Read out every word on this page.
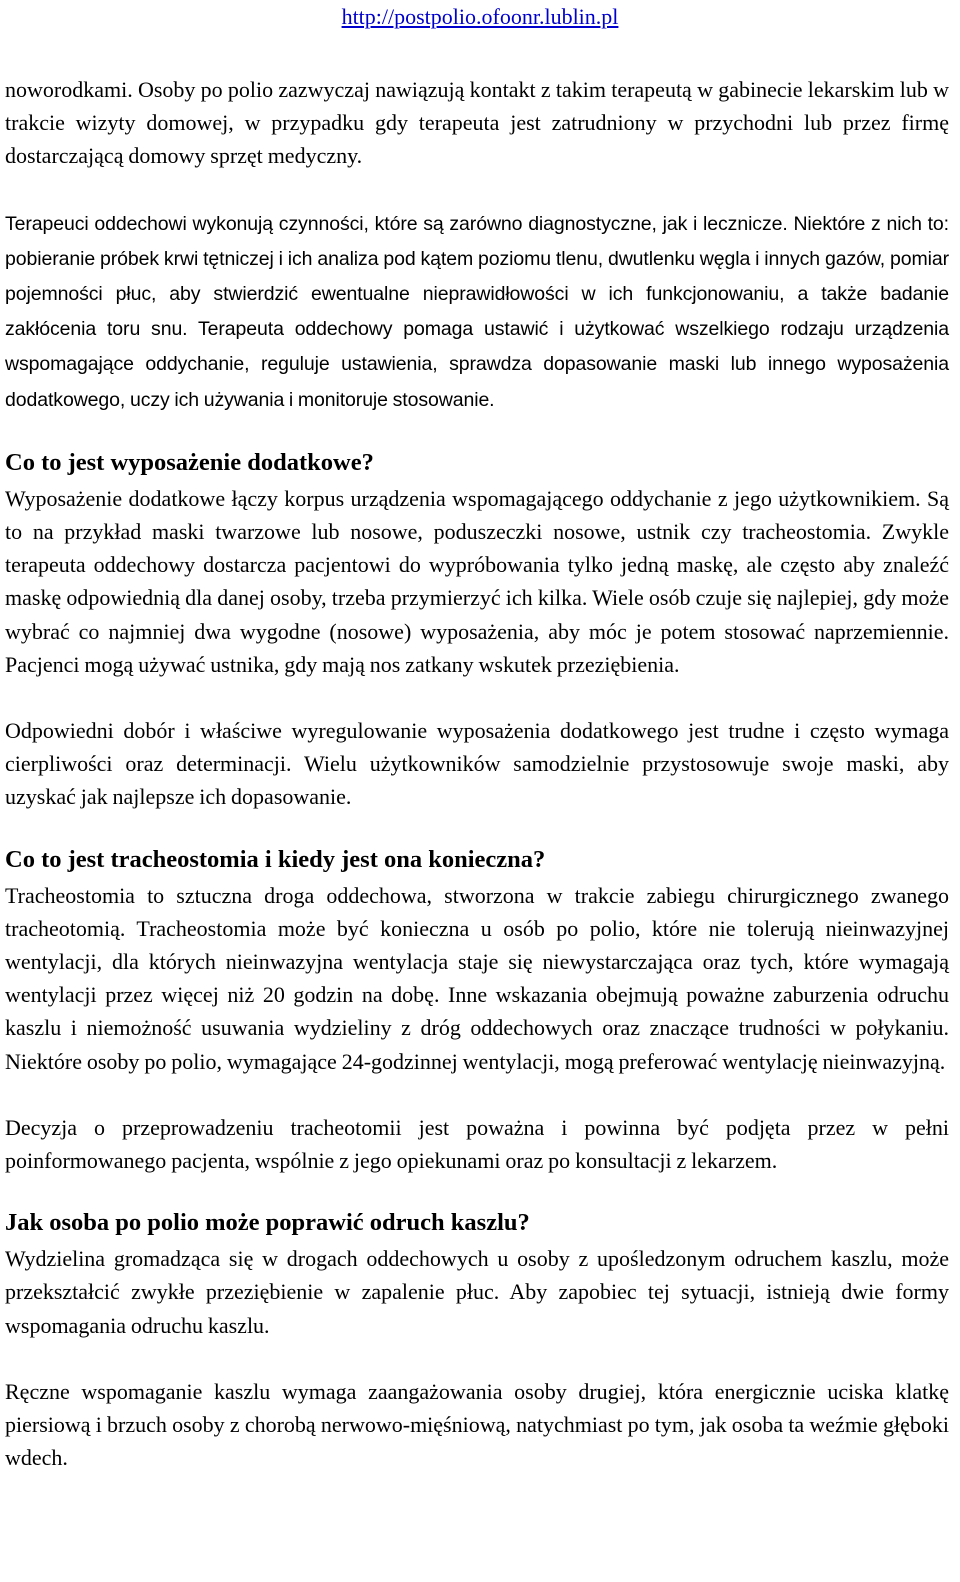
http://postpolio.ofoonr.lublin.pl

noworodkami. Osoby po polio zazwyczaj nawiązują kontakt z takim terapeutą w gabinecie lekarskim lub w trakcie wizyty domowej, w przypadku gdy terapeuta jest zatrudniony w przychodni lub przez firmę dostarczającą domowy sprzęt medyczny.

Terapeuci oddechowi wykonują czynności, które są zarówno diagnostyczne, jak i lecznicze. Niektóre z nich to: pobieranie próbek krwi tętniczej i ich analiza pod kątem poziomu tlenu, dwutlenku węgla i innych gazów, pomiar pojemności płuc, aby stwierdzić ewentualne nieprawidłowości w ich funkcjonowaniu, a także badanie zakłócenia toru snu. Terapeuta oddechowy pomaga ustawić i użytkować wszelkiego rodzaju urządzenia wspomagające oddychanie, reguluje ustawienia, sprawdza dopasowanie maski lub innego wyposażenia dodatkowego, uczy ich używania i monitoruje stosowanie.

Co to jest wyposażenie dodatkowe?

Wyposażenie dodatkowe łączy korpus urządzenia wspomagającego oddychanie z jego użytkownikiem. Są to na przykład maski twarzowe lub nosowe, poduszeczki nosowe, ustnik czy tracheostomia. Zwykle terapeuta oddechowy dostarcza pacjentowi do wypróbowania tylko jedną maskę, ale często aby znaleźć maskę odpowiednią dla danej osoby, trzeba przymierzyć ich kilka. Wiele osób czuje się najlepiej, gdy może wybrać co najmniej dwa wygodne (nosowe) wyposażenia, aby móc je potem stosować naprzemiennie. Pacjenci mogą używać ustnika, gdy mają nos zatkany wskutek przeziębienia.

Odpowiedni dobór i właściwe wyregulowanie wyposażenia dodatkowego jest trudne i często wymaga cierpliwości oraz determinacji. Wielu użytkowników samodzielnie przystosowuje swoje maski, aby uzyskać jak najlepsze ich dopasowanie.

Co to jest tracheostomia i kiedy jest ona konieczna?

Tracheostomia to sztuczna droga oddechowa, stworzona w trakcie zabiegu chirurgicznego zwanego tracheotomią. Tracheostomia może być konieczna u osób po polio, które nie tolerują nieinwazyjnej wentylacji, dla których nieinwazyjna wentylacja staje się niewystarczająca oraz tych, które wymagają wentylacji przez więcej niż 20 godzin na dobę. Inne wskazania obejmują poważne zaburzenia odruchu kaszlu i niemożność usuwania wydzieliny z dróg oddechowych oraz znaczące trudności w połykaniu. Niektóre osoby po polio, wymagające 24-godzinnej wentylacji, mogą preferować wentylację nieinwazyjną.

Decyzja o przeprowadzeniu tracheotomii jest poważna i powinna być podjęta przez w pełni poinformowanego pacjenta, wspólnie z jego opiekunami oraz po konsultacji z lekarzem.

Jak osoba po polio może poprawić odruch kaszlu?

Wydzielina gromadząca się w drogach oddechowych u osoby z upośledzonym odruchem kaszlu, może przekształcić zwykłe przeziębienie w zapalenie płuc. Aby zapobiec tej sytuacji, istnieją dwie formy wspomagania odruchu kaszlu.

Ręczne wspomaganie kaszlu wymaga zaangażowania osoby drugiej, która energicznie uciska klatkę piersiową i brzuch osoby z chorobą nerwowo-mięśniową, natychmiast po tym, jak osoba ta weźmie głęboki wdech.
